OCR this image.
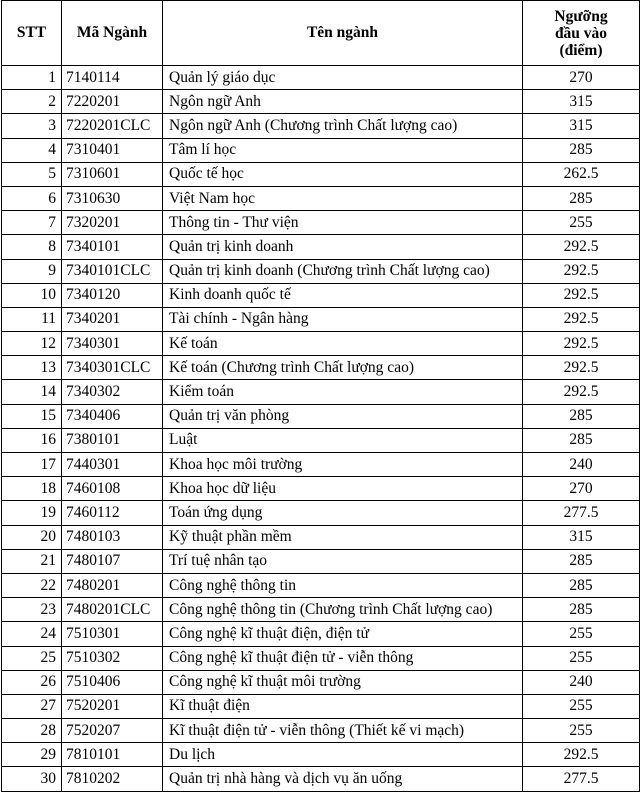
STT	Mã Ngành	Tên ngành	Ngưỡng
đầu vào
(điểm)
1	7140114	Quản lý giáo dục	270
2	7220201	Ngôn ngữ Anh	315
3	7220201CLC	Ngôn ngữ Anh (Chương trình Chất lượng cao)	315
4	7310401	Tâm lí học	285
5	7310601	Quốc tế học	262.5
6	7310630	Việt Nam học	285
7	7320201	Thông tin - Thư viện	255
8	7340101	Quản trị kinh doanh	292.5
9	7340101CLC	Quản trị kinh doanh (Chương trình Chất lượng cao)	292.5
10	7340120	Kinh doanh quốc tế	292.5
11	7340201	Tài chính - Ngân hàng	292.5
12	7340301	Kế toán	292.5
13	7340301CLC	Kế toán (Chương trình Chất lượng cao)	292.5
14	7340302	Kiểm toán	292.5
15	7340406	Quản trị văn phòng	285
16	7380101	Luật	285
17	7440301	Khoa học môi trường	240
18	7460108	Khoa học dữ liệu	270
19	7460112	Toán ứng dụng	277.5
20	7480103	Kỹ thuật phần mềm	315
21	7480107	Trí tuệ nhân tạo	285
22	7480201	Công nghệ thông tin	285
23	7480201CLC	Công nghệ thông tin (Chương trình Chất lượng cao)	285
24	7510301	Công nghệ kĩ thuật điện, điện tử	255
25	7510302	Công nghệ kĩ thuật điện tử - viễn thông	255
26	7510406	Công nghệ kĩ thuật môi trường	240
27	7520201	Kĩ thuật điện	255
28	7520207	Kĩ thuật điện tử - viễn thông (Thiết kế vi mạch)	255
29	7810101	Du lịch	292.5
30	7810202	Quản trị nhà hàng và dịch vụ ăn uống	277.5
